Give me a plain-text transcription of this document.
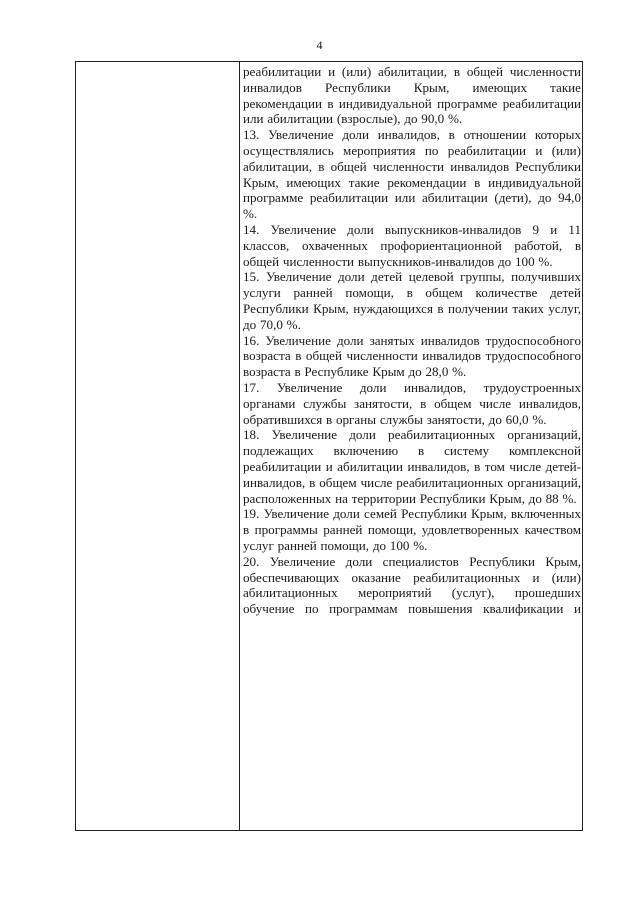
4

реабилитации и (или) абилитации, в общей численности инвалидов Республики Крым, имеющих такие рекомендации в индивидуальной программе реабилитации или абилитации (взрослые), до 90,0 %.

13. Увеличение доли инвалидов, в отношении которых осуществлялись мероприятия по реабилитации и (или) абилитации, в общей численности инвалидов Республики Крым, имеющих такие рекомендации в индивидуальной программе реабилитации или абилитации (дети), до 94,0 %.

14. Увеличение доли выпускников-инвалидов 9 и 11 классов, охваченных профориентационной работой, в общей численности выпускников-инвалидов до 100 %.

15. Увеличение доли детей целевой группы, получивших услуги ранней помощи, в общем количестве детей Республики Крым, нуждающихся в получении таких услуг, до 70,0 %.

16. Увеличение доли занятых инвалидов трудоспособного возраста в общей численности инвалидов трудоспособного возраста в Республике Крым до 28,0 %.

17. Увеличение доли инвалидов, трудоустроенных органами службы занятости, в общем числе инвалидов, обратившихся в органы службы занятости, до 60,0 %.

18. Увеличение доли реабилитационных организаций, подлежащих включению в систему комплексной реабилитации и абилитации инвалидов, в том числе детей-инвалидов, в общем числе реабилитационных организаций, расположенных на территории Республики Крым, до 88 %.

19. Увеличение доли семей Республики Крым, включенных в программы ранней помощи, удовлетворенных качеством услуг ранней помощи, до 100 %.

20. Увеличение доли специалистов Республики Крым, обеспечивающих оказание реабилитационных и (или) абилитационных мероприятий (услуг), прошедших обучение по программам повышения квалификации и
